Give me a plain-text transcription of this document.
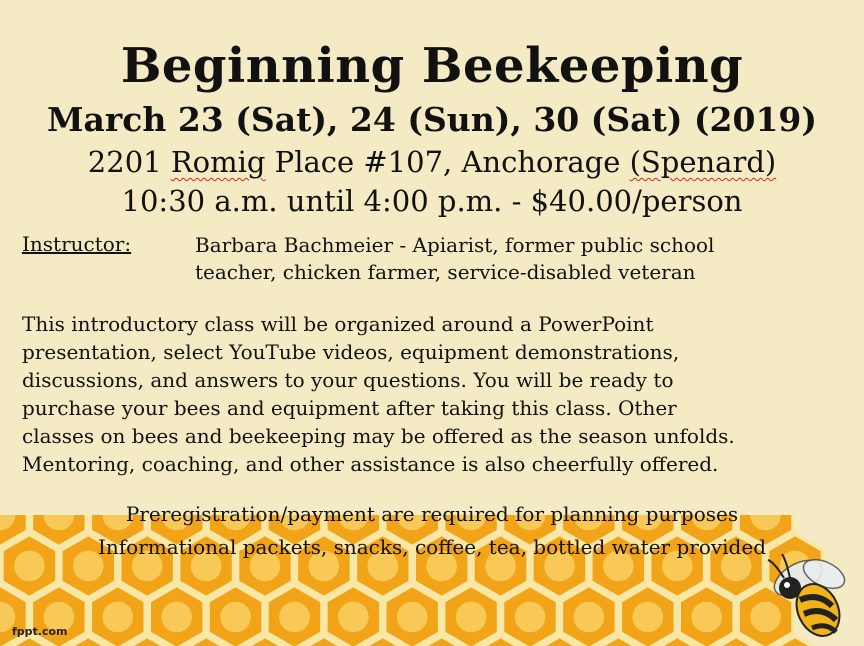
Beginning Beekeeping
March 23 (Sat), 24 (Sun), 30 (Sat) (2019)
2201 Romig Place #107, Anchorage (Spenard)
10:30 a.m. until 4:00 p.m. - $40.00/person
Instructor:	Barbara Bachmeier - Apiarist, former public school
teacher, chicken farmer, service-disabled veteran
This introductory class will be organized around a PowerPoint
presentation, select YouTube videos, equipment demonstrations,
discussions, and answers to your questions. You will be ready to
purchase your bees and equipment after taking this class. Other
classes on bees and beekeeping may be offered as the season unfolds.
Mentoring, coaching, and other assistance is also cheerfully offered.
Preregistration/payment are required for planning purposes
Informational packets, snacks, coffee, tea, bottled water provided
fppt.com
